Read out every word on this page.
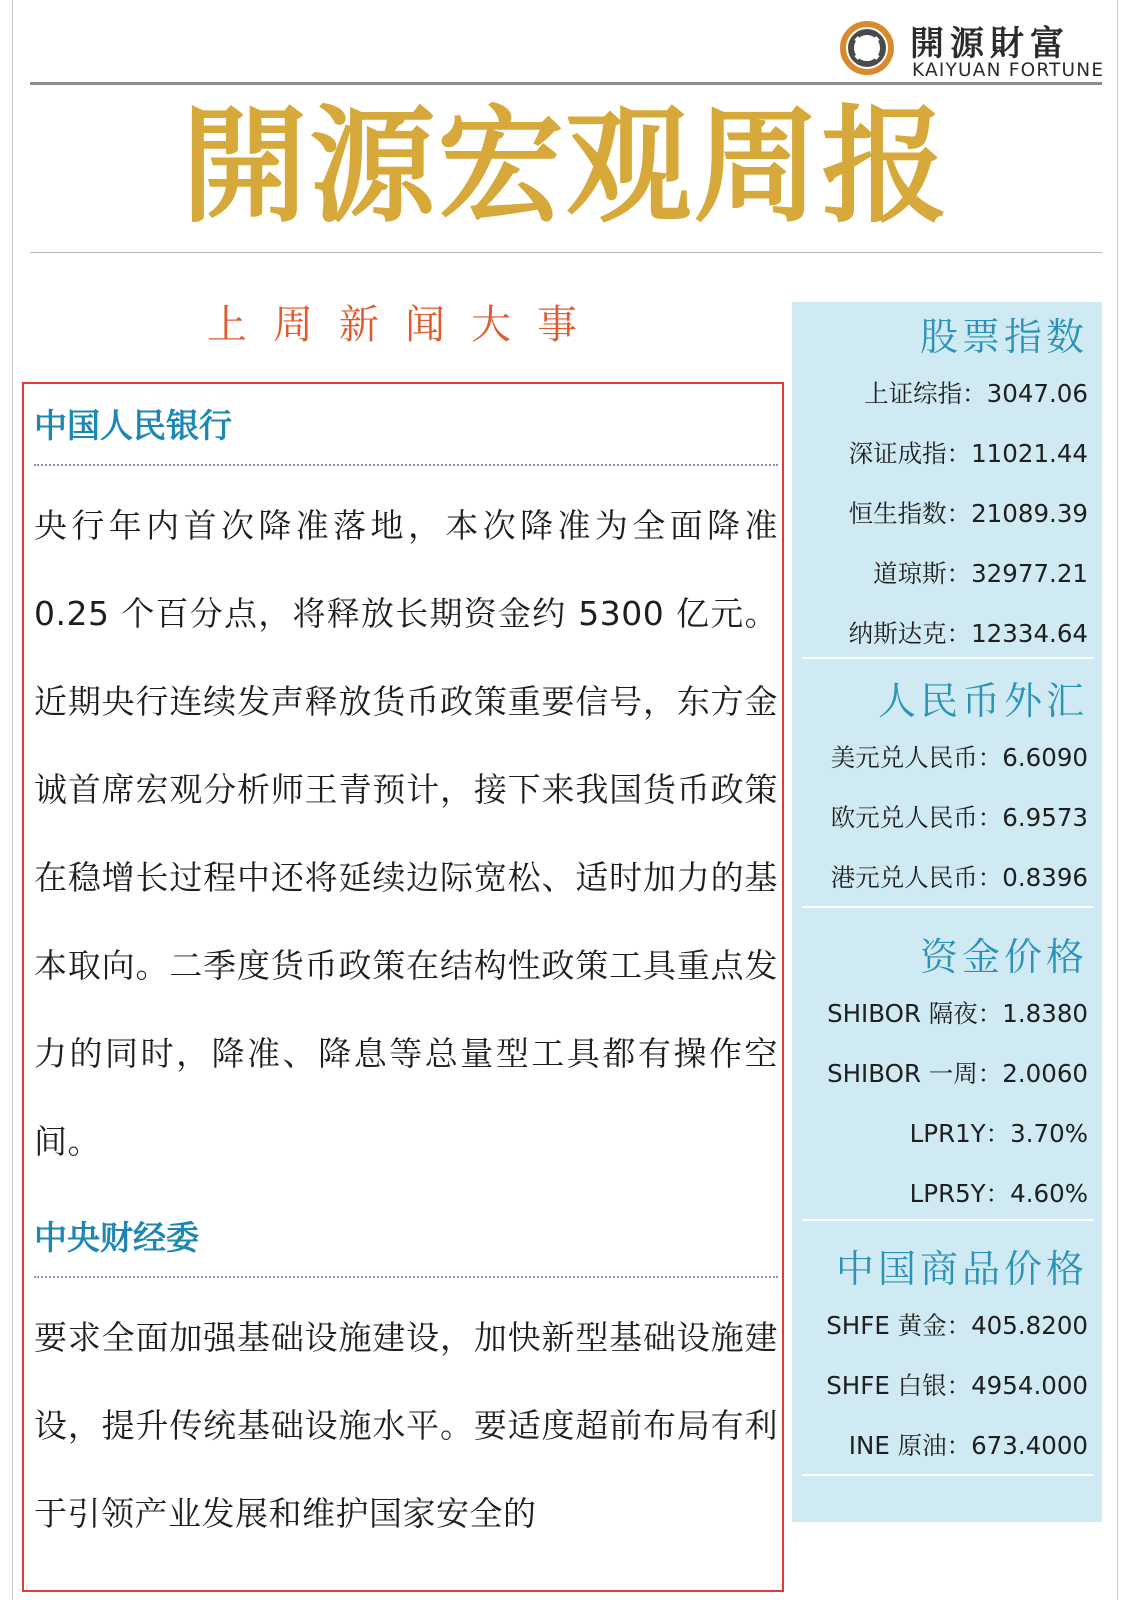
開源財富
KAIYUAN FORTUNE
開源宏观周报
上周新闻大事
中国人民银行
央行年内首次降准落地，本次降准为全面降准0.25 个百分点，将释放长期资金约 5300 亿元。近期央行连续发声释放货币政策重要信号，东方金诚首席宏观分析师王青预计，接下来我国货币政策在稳增长过程中还将延续边际宽松、适时加力的基本取向。二季度货币政策在结构性政策工具重点发力的同时，降准、降息等总量型工具都有操作空间。
中央财经委
要求全面加强基础设施建设，加快新型基础设施建设，提升传统基础设施水平。要适度超前布局有利于引领产业发展和维护国家安全的
股票指数
上证综指：3047.06
深证成指：11021.44
恒生指数：21089.39
道琼斯：32977.21
纳斯达克：12334.64
人民币外汇
美元兑人民币：6.6090
欧元兑人民币：6.9573
港元兑人民币：0.8396
资金价格
SHIBOR 隔夜：1.8380
SHIBOR 一周：2.0060
LPR1Y：3.70%
LPR5Y：4.60%
中国商品价格
SHFE 黄金：405.8200
SHFE 白银：4954.000
INE 原油：673.4000
